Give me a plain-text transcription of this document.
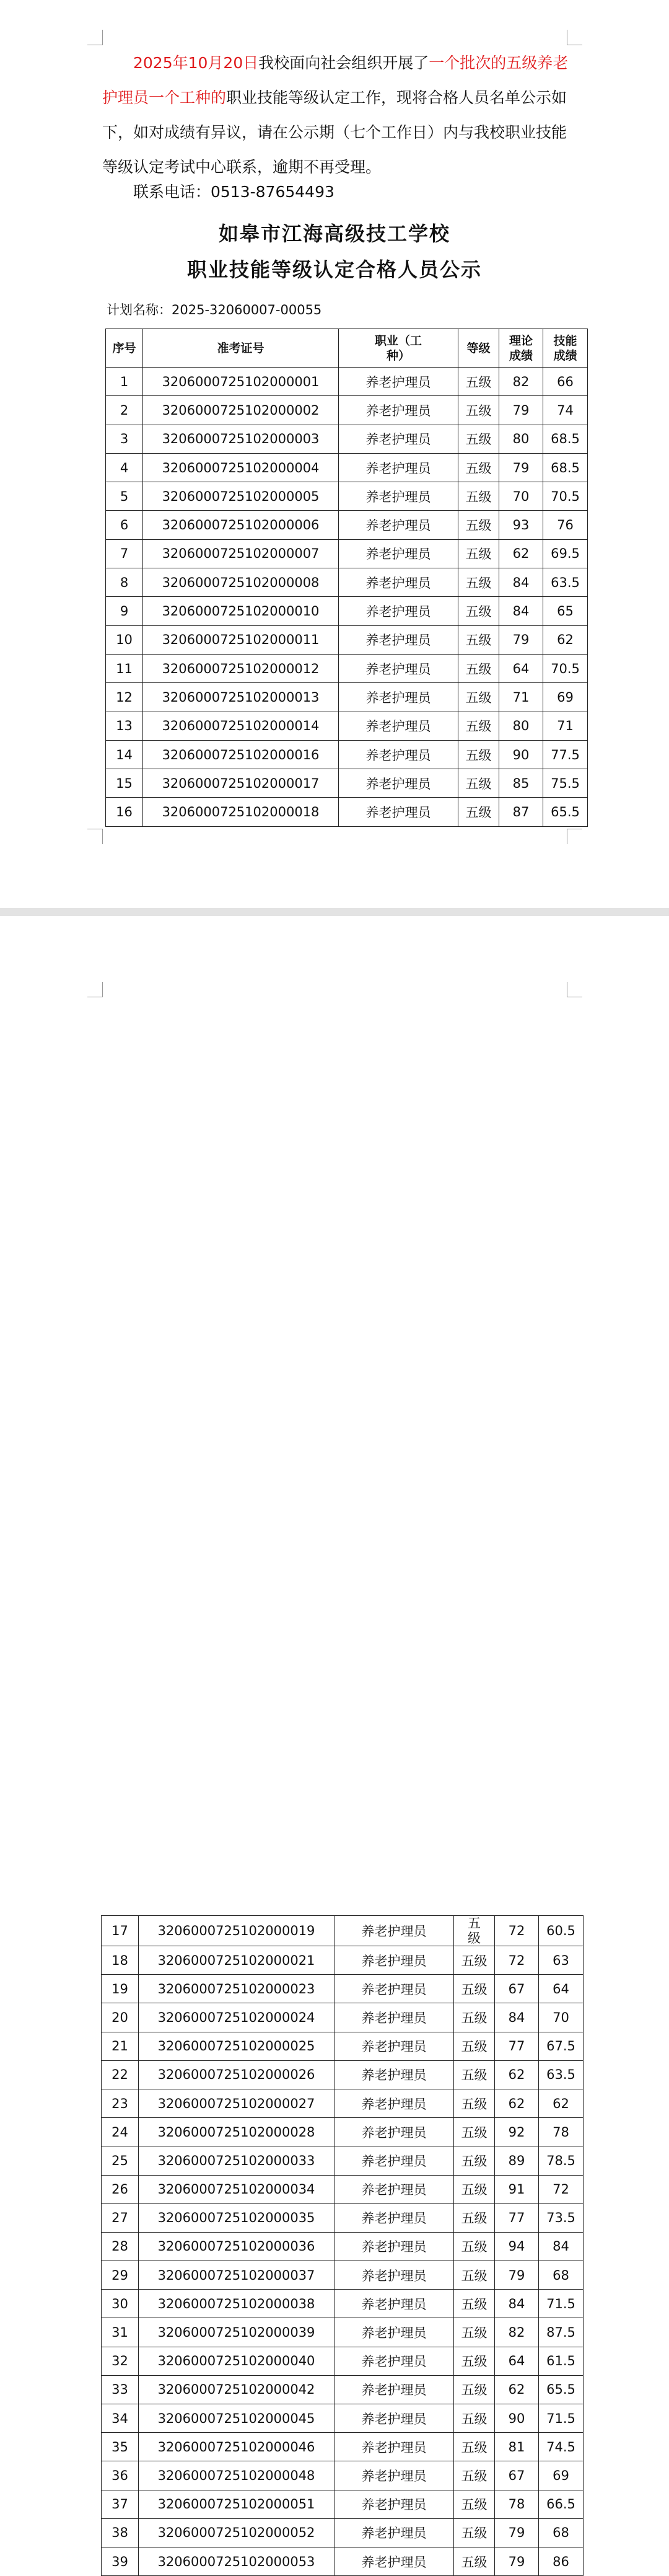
2025年10月20日我校面向社会组织开展了一个批次的五级养老护理员一个工种的职业技能等级认定工作，现将合格人员名单公示如下，如对成绩有异议，请在公示期（七个工作日）内与我校职业技能等级认定考试中心联系，逾期不再受理。

联系电话：0513-87654493
如皋市江海高级技工学校
职业技能等级认定合格人员公示
计划名称：2025-32060007-00055
序号	准考证号	职业（工种）	等级	理论成绩	技能成绩
1	3206000725102000001	养老护理员	五级	82	66
2	3206000725102000002	养老护理员	五级	79	74
3	3206000725102000003	养老护理员	五级	80	68.5
4	3206000725102000004	养老护理员	五级	79	68.5
5	3206000725102000005	养老护理员	五级	70	70.5
6	3206000725102000006	养老护理员	五级	93	76
7	3206000725102000007	养老护理员	五级	62	69.5
8	3206000725102000008	养老护理员	五级	84	63.5
9	3206000725102000010	养老护理员	五级	84	65
10	3206000725102000011	养老护理员	五级	79	62
11	3206000725102000012	养老护理员	五级	64	70.5
12	3206000725102000013	养老护理员	五级	71	69
13	3206000725102000014	养老护理员	五级	80	71
14	3206000725102000016	养老护理员	五级	90	77.5
15	3206000725102000017	养老护理员	五级	85	75.5
16	3206000725102000018	养老护理员	五级	87	65.5
17	3206000725102000019	养老护理员	五级	72	60.5
18	3206000725102000021	养老护理员	五级	72	63
19	3206000725102000023	养老护理员	五级	67	64
20	3206000725102000024	养老护理员	五级	84	70
21	3206000725102000025	养老护理员	五级	77	67.5
22	3206000725102000026	养老护理员	五级	62	63.5
23	3206000725102000027	养老护理员	五级	62	62
24	3206000725102000028	养老护理员	五级	92	78
25	3206000725102000033	养老护理员	五级	89	78.5
26	3206000725102000034	养老护理员	五级	91	72
27	3206000725102000035	养老护理员	五级	77	73.5
28	3206000725102000036	养老护理员	五级	94	84
29	3206000725102000037	养老护理员	五级	79	68
30	3206000725102000038	养老护理员	五级	84	71.5
31	3206000725102000039	养老护理员	五级	82	87.5
32	3206000725102000040	养老护理员	五级	64	61.5
33	3206000725102000042	养老护理员	五级	62	65.5
34	3206000725102000045	养老护理员	五级	90	71.5
35	3206000725102000046	养老护理员	五级	81	74.5
36	3206000725102000048	养老护理员	五级	67	69
37	3206000725102000051	养老护理员	五级	78	66.5
38	3206000725102000052	养老护理员	五级	79	68
39	3206000725102000053	养老护理员	五级	79	86
